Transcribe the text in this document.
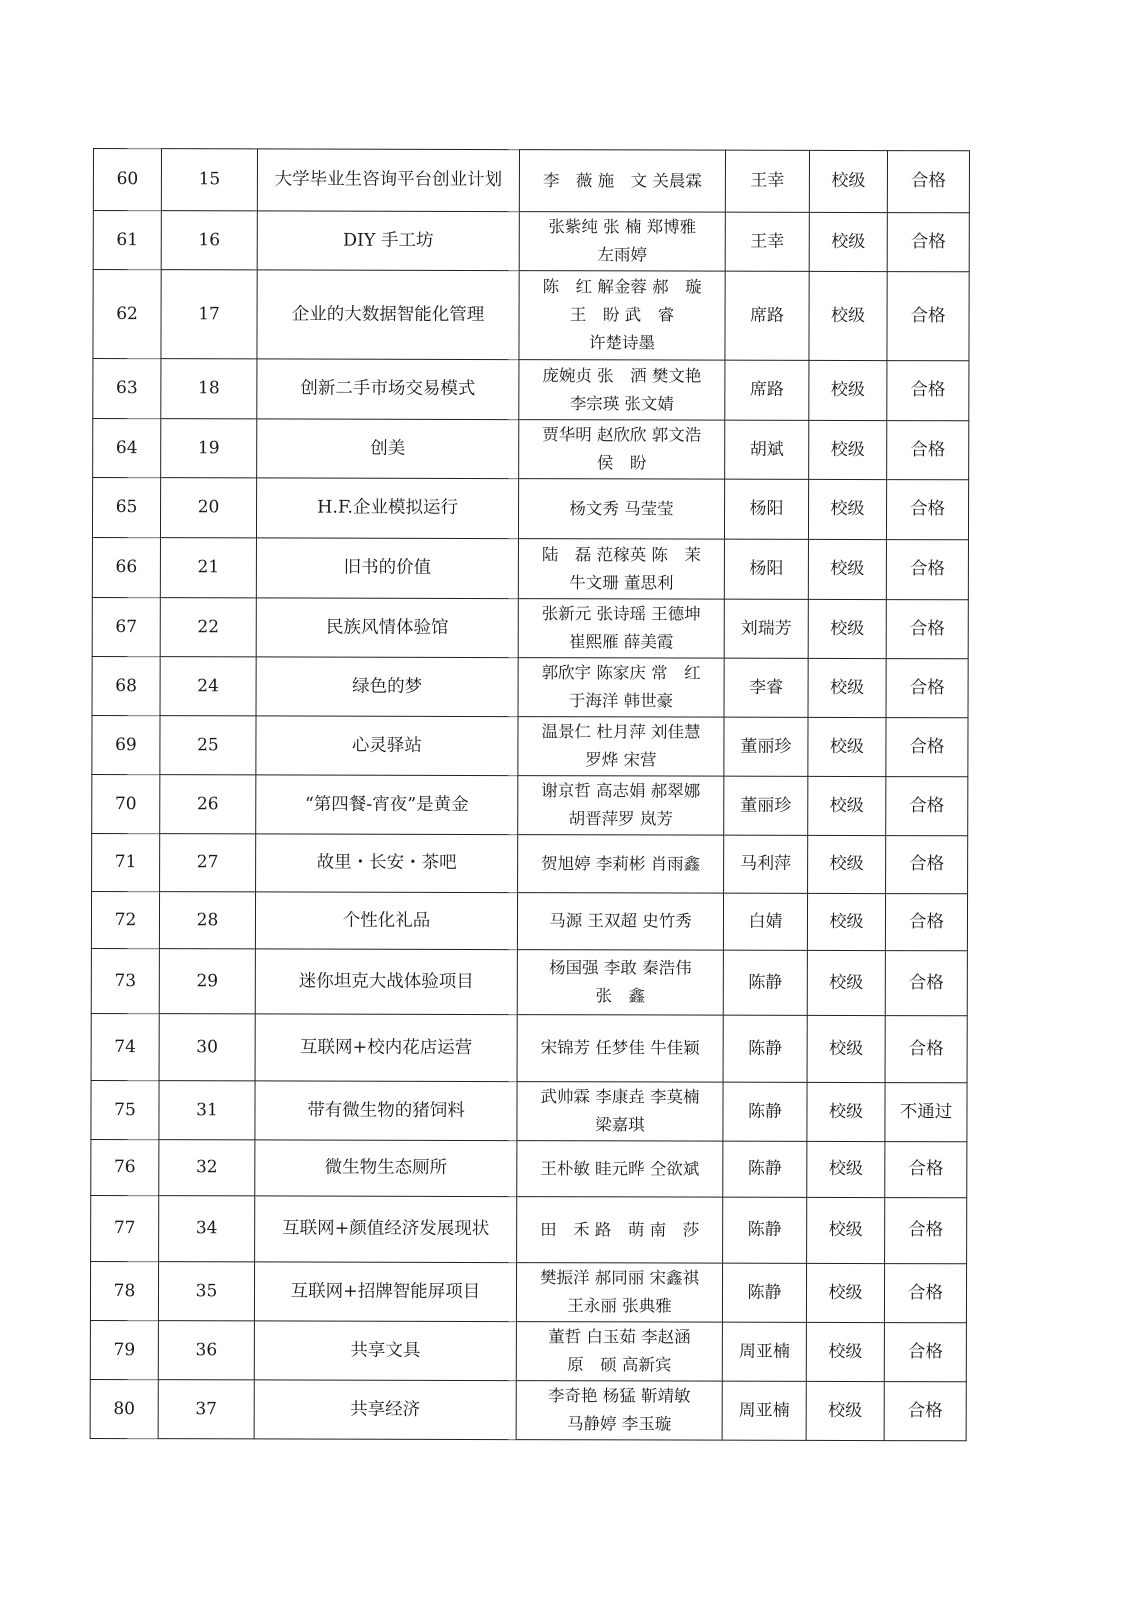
60	15	大学毕业生咨询平台创业计划	李　薇 施　文 关晨霖	王幸	校级	合格
61	16	DIY 手工坊	张紫纯 张 楠 郑博雅
左雨婷	王幸	校级	合格
62	17	企业的大数据智能化管理	陈　红 解金蓉 郝　璇
王　盼 武　睿
许楚诗墨	席路	校级	合格
63	18	创新二手市场交易模式	庞婉贞 张　洒 樊文艳
李宗瑛 张文婧	席路	校级	合格
64	19	创美	贾华明 赵欣欣 郭文浩
侯　盼	胡斌	校级	合格
65	20	H.F.企业模拟运行	杨文秀 马莹莹	杨阳	校级	合格
66	21	旧书的价值	陆　磊 范稼英 陈　茉
牛文珊 董思利	杨阳	校级	合格
67	22	民族风情体验馆	张新元 张诗瑶 王德坤
崔熙雁 薛美霞	刘瑞芳	校级	合格
68	24	绿色的梦	郭欣宇 陈家庆 常　红
于海洋 韩世豪	李睿	校级	合格
69	25	心灵驿站	温景仁 杜月萍 刘佳慧
罗烨 宋营	董丽珍	校级	合格
70	26	“第四餐-宵夜”是黄金	谢京哲 高志娟 郝翠娜
胡晋萍罗 岚芳	董丽珍	校级	合格
71	27	故里・长安・茶吧	贺旭婷 李莉彬 肖雨鑫	马利萍	校级	合格
72	28	个性化礼品	马源 王双超 史竹秀	白婧	校级	合格
73	29	迷你坦克大战体验项目	杨国强 李敢 秦浩伟
张　鑫	陈静	校级	合格
74	30	互联网+校内花店运营	宋锦芳 任梦佳 牛佳颖	陈静	校级	合格
75	31	带有微生物的猪饲料	武帅霖 李康垚 李莫楠
梁嘉琪	陈静	校级	不通过
76	32	微生物生态厕所	王朴敏 眭元晔 仝欲斌	陈静	校级	合格
77	34	互联网+颜值经济发展现状	田　禾 路　萌 南　莎	陈静	校级	合格
78	35	互联网+招牌智能屏项目	樊振洋 郝同丽 宋鑫祺
王永丽 张典雅	陈静	校级	合格
79	36	共享文具	董哲 白玉茹 李赵涵
原　硕 高新宾	周亚楠	校级	合格
80	37	共享经济	李奇艳 杨猛 靳靖敏
马静婷 李玉璇	周亚楠	校级	合格
